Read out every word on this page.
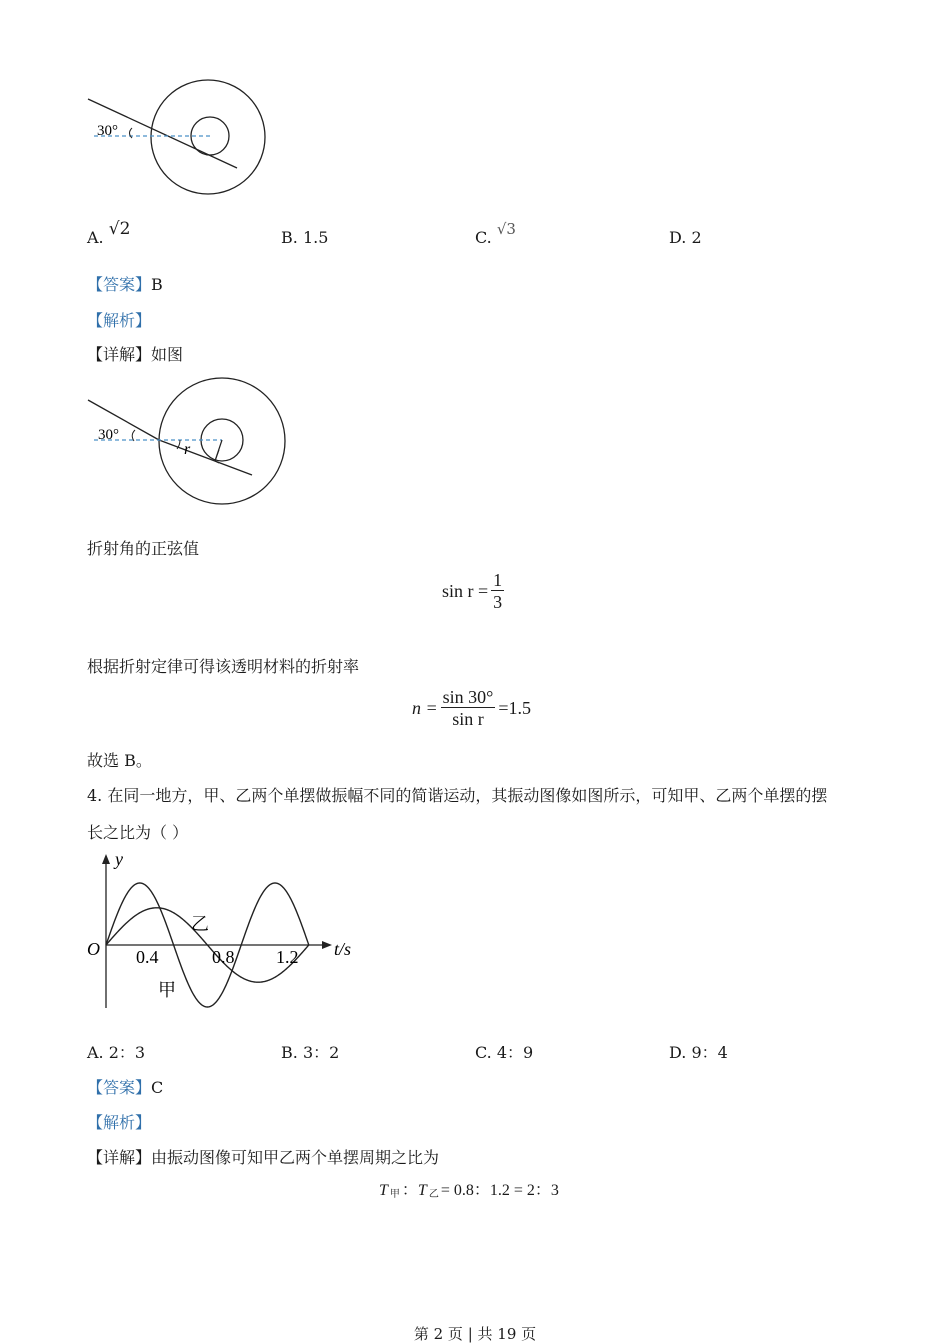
30°
A. √2	B. 1.5	C. √3	D. 2
【答案】B
【解析】
【详解】如图
30°
r
折射角的正弦值
$\sin r = \frac{1}{3}$
根据折射定律可得该透明材料的折射率
$n = \frac{\sin 30^\circ}{\text{sin r}} =1.5$
故选 B。
4. 在同一地方，甲、乙两个单摆做振幅不同的简谐运动，其振动图像如图所示，可知甲、乙两个单摆的摆
长之比为（ ）
y
O	t/s
0.4	0.8 1.2
乙
甲
A. 2：3	B. 3：2	C. 4：9	D. 9：4
【答案】C
【解析】
【详解】由振动图像可知甲乙两个单摆周期之比为
T $_甲$ ：T $_乙$ = 0.8：1.2 = 2：3
第 2 页 | 共 19 页
